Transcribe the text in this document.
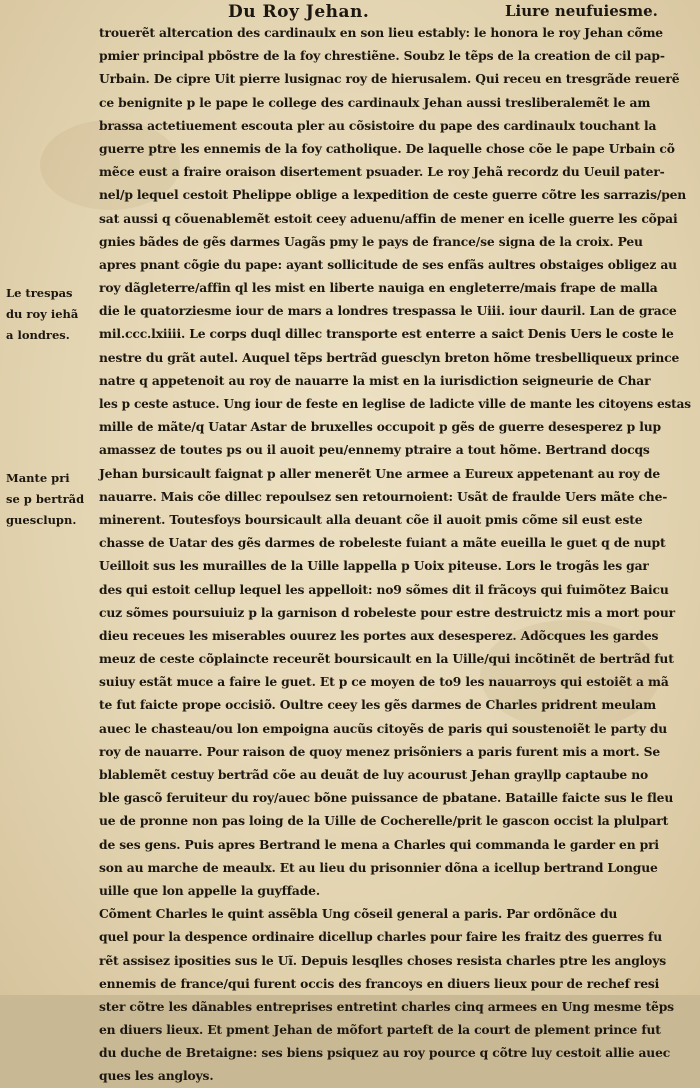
Du Roy Jehan.	Liure neufuiesme.
Le trespas
du roy iehã
a londres.
Mante pri
se p bertrãd
guesclupn.
trouerẽt altercation des cardinaulx en son lieu estably: le honora le roy Jehan cõme
pmier principal pbõstre de la foy chrestiẽne. Soubz le tẽps de la creation de cil pap-
Urbain. De cipre Uit pierre lusignac roy de hierusalem. Qui receu en tresgrãde reuerẽ
ce benignite p le pape le college des cardinaulx Jehan aussi tresliberalemẽt le am
brassa actetiuement escouta pler au cõsistoire du pape des cardinaulx touchant la
guerre ptre les ennemis de la foy catholique. De laquelle chose cõe le pape Urbain cõ
mẽce eust a fraire oraison disertement psuader. Le roy Jehã recordz du Ueuil pater-
nel/p lequel cestoit Phelippe oblige a lexpedition de ceste guerre cõtre les sarrazis/pen
sat aussi q cõuenablemẽt estoit ceey aduenu/affin de mener en icelle guerre les cõpai
gnies bãdes de gẽs darmes Uagãs pmy le pays de france/se signa de la croix. Peu
apres pnant cõgie du pape: ayant sollicitude de ses enfãs aultres obstaiges obligez au
roy dãgleterre/affin ql les mist en liberte nauiga en engleterre/mais frape de malla
die le quatorziesme iour de mars a londres trespassa le Uiii. iour dauril. Lan de grace
mil.ccc.lxiiii. Le corps duql dillec transporte est enterre a saict Denis Uers le coste le
nestre du grãt autel. Auquel tẽps bertrãd guesclyn breton hõme tresbelliqueux prince
natre q appetenoit au roy de nauarre la mist en la iurisdiction seigneurie de Char
les p ceste astuce. Ung iour de feste en leglise de ladicte ville de mante les citoyens estas
mille de mãte/q Uatar Astar de bruxelles occupoit p gẽs de guerre desesperez p lup
amassez de toutes ps ou il auoit peu/ennemy ptraire a tout hõme. Bertrand docqs
Jehan bursicault faignat p aller menerẽt Une armee a Eureux appetenant au roy de
nauarre. Mais cõe dillec repoulsez sen retournoient: Usãt de fraulde Uers mãte che-
minerent. Toutesfoys boursicault alla deuant cõe il auoit pmis cõme sil eust este
chasse de Uatar des gẽs darmes de robeleste fuiant a mãte eueilla le guet q de nupt
Ueilloit sus les murailles de la Uille lappella p Uoix piteuse. Lors le trogãs les gar
des qui estoit cellup lequel les appelloit: no9 sõmes dit il frãcoys qui fuimõtez Baicu
cuz sõmes poursuiuiz p la garnison d robeleste pour estre destruictz mis a mort pour
dieu receues les miserables ouurez les portes aux desesperez. Adõcques les gardes
meuz de ceste cõplaincte receurẽt boursicault en la Uille/qui incõtinẽt de bertrãd fut
suiuy estãt muce a faire le guet. Et p ce moyen de to9 les nauarroys qui estoiẽt a mã
te fut faicte prope occisiõ. Oultre ceey les gẽs darmes de Charles pridrent meulam
auec le chasteau/ou lon empoigna aucũs citoyẽs de paris qui soustenoiẽt le party du
roy de nauarre. Pour raison de quoy menez prisõniers a paris furent mis a mort. Se
blablemẽt cestuy bertrãd cõe au deuãt de luy acourust Jehan grayllp captaube no
ble gascõ feruiteur du roy/auec bõne puissance de pbatane. Bataille faicte sus le fleu
ue de pronne non pas loing de la Uille de Cocherelle/prit le gascon occist la plulpart
de ses gens. Puis apres Bertrand le mena a Charles qui commanda le garder en pri
son au marche de meaulx. Et au lieu du prisonnier dõna a icellup bertrand Longue
uille que lon appelle la guyffade.
Cõment Charles le quint assẽbla Ung cõseil general a paris. Par ordõnãce du
quel pour la despence ordinaire dicellup charles pour faire les fraitz des guerres fu
rẽt assisez iposities sus le Uĩ. Depuis lesqlles choses resista charles ptre les angloys
ennemis de france/qui furent occis des francoys en diuers lieux pour de rechef resi
ster cõtre les dãnables entreprises entretint charles cinq armees en Ung mesme tẽps
en diuers lieux. Et pment Jehan de mõfort parteft de la court de plement prince fut
du duche de Bretaigne: ses biens psiquez au roy pource q cõtre luy cestoit allie auec
ques les angloys.
